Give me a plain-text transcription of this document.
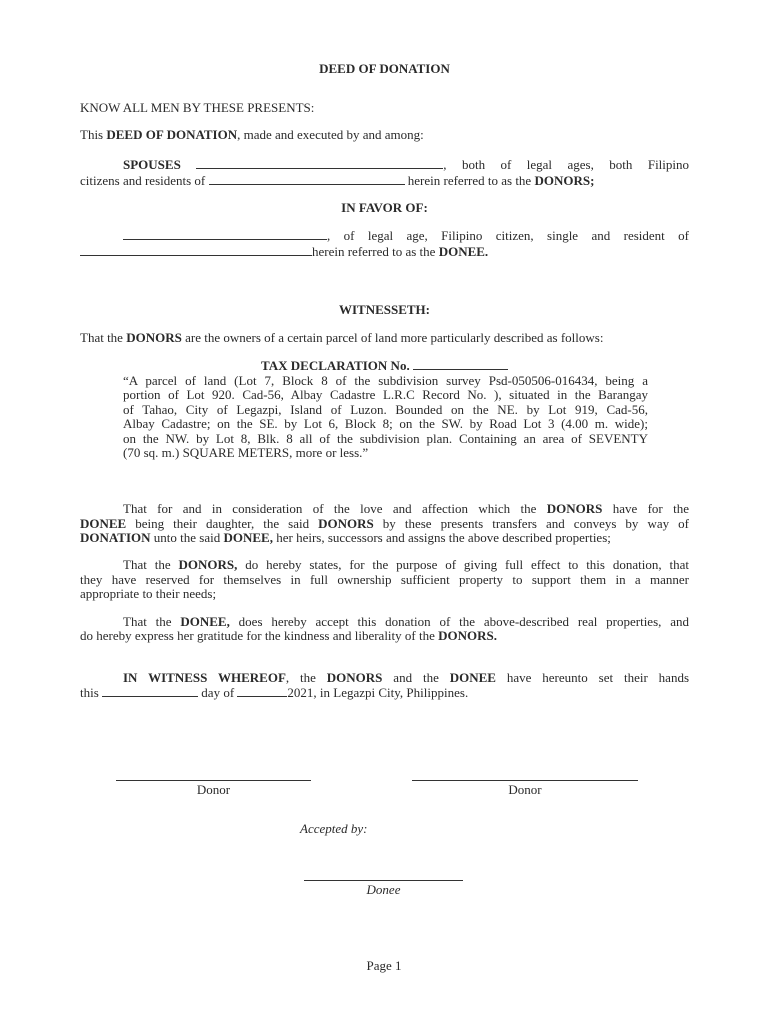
DEED OF DONATION
KNOW ALL MEN BY THESE PRESENTS:
This DEED OF DONATION, made and executed by and among:
SPOUSES	, both of legal ages, both Filipino
citizens and residents of	herein referred to as the DONORS;
IN FAVOR OF:
, of legal age, Filipino citizen, single and resident of
herein referred to as the DONEE.
WITNESSETH:
That the DONORS are the owners of a certain parcel of land more particularly described as follows:
TAX DECLARATION No.
“A parcel of land (Lot 7, Block 8 of the subdivision survey Psd-050506-016434, being a
portion of Lot 920. Cad-56, Albay Cadastre L.R.C Record No. ), situated in the Barangay
of Tahao, City of Legazpi, Island of Luzon. Bounded on the NE. by Lot 919, Cad-56,
Albay Cadastre; on the SE. by Lot 6, Block 8; on the SW. by Road Lot 3 (4.00 m. wide);
on the NW. by Lot 8, Blk. 8 all of the subdivision plan. Containing an area of SEVENTY
(70 sq. m.) SQUARE METERS, more or less.”
That for and in consideration of the love and affection which the DONORS have for the
DONEE being their daughter, the said DONORS by these presents transfers and conveys by way of
DONATION unto the said DONEE, her heirs, successors and assigns the above described properties;
That the DONORS, do hereby states, for the purpose of giving full effect to this donation, that
they have reserved for themselves in full ownership sufficient property to support them in a manner
appropriate to their needs;
That the DONEE, does hereby accept this donation of the above-described real properties, and
do hereby express her gratitude for the kindness and liberality of the DONORS.
IN WITNESS WHEREOF, the DONORS and the DONEE have hereunto set their hands
this	day of	2021, in Legazpi City, Philippines.
Donor	Donor
Accepted by:
Donee
Page 1
